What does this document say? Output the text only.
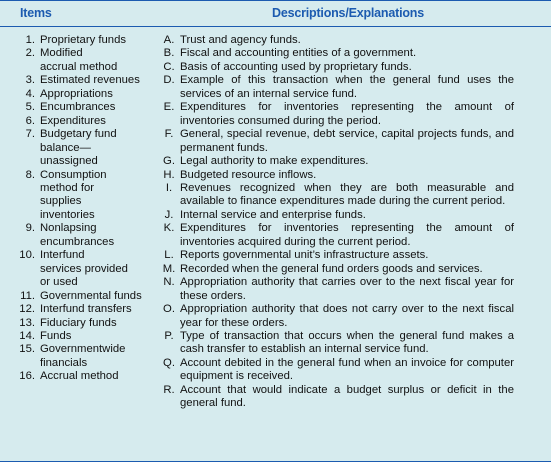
Items	Descriptions/Explanations
1. Proprietary funds
2. Modified accrual method
3. Estimated revenues
4. Appropriations
5. Encumbrances
6. Expenditures
7. Budgetary fund balance—unassigned
8. Consumption method for supplies inventories
9. Nonlapsing encumbrances
10. Interfund services provided or used
11. Governmental funds
12. Interfund transfers
13. Fiduciary funds
14. Funds
15. Governmentwide financials
16. Accrual method
A. Trust and agency funds.
B. Fiscal and accounting entities of a government.
C. Basis of accounting used by proprietary funds.
D. Example of this transaction when the general fund uses the services of an internal service fund.
E. Expenditures for inventories representing the amount of inventories consumed during the period.
F. General, special revenue, debt service, capital projects funds, and permanent funds.
G. Legal authority to make expenditures.
H. Budgeted resource inflows.
I. Revenues recognized when they are both measurable and available to finance expenditures made during the current period.
J. Internal service and enterprise funds.
K. Expenditures for inventories representing the amount of inventories acquired during the current period.
L. Reports governmental unit’s infrastructure assets.
M. Recorded when the general fund orders goods and services.
N. Appropriation authority that carries over to the next fiscal year for these orders.
O. Appropriation authority that does not carry over to the next fiscal year for these orders.
P. Type of transaction that occurs when the general fund makes a cash transfer to establish an internal service fund.
Q. Account debited in the general fund when an invoice for computer equipment is received.
R. Account that would indicate a budget surplus or deficit in the general fund.
